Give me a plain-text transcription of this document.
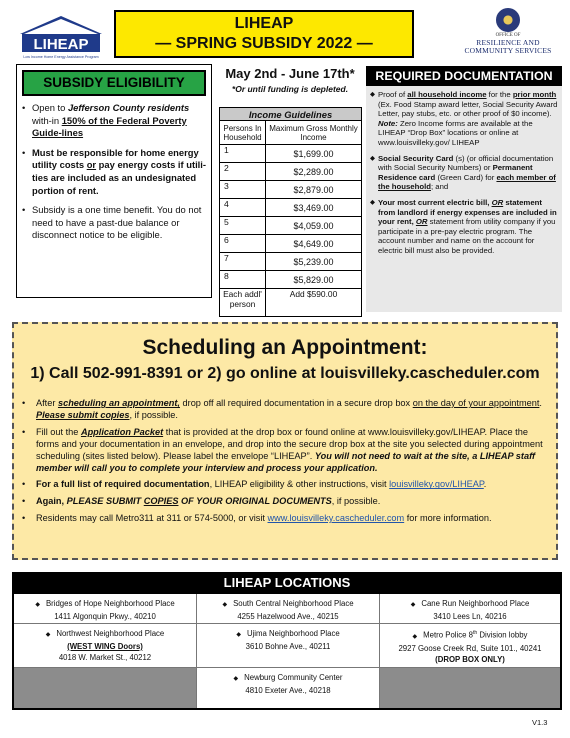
LIHEAP
Low Income Home Energy Assistance Program
LIHEAP
— SPRING SUBSIDY 2022 —	OFFICE OF
RESILIENCE AND
COMMUNITY SERVICES
SUBSIDY ELIGIBILITY
• Open to Jefferson County residents with-in 150% of the Federal Poverty Guide-lines
• Must be responsible for home energy utility costs or pay energy costs if utili-ties are included as an undesignated portion of rent.
• Subsidy is a one time benefit. You do not need to have a past-due balance or disconnect notice to be eligible.
May 2nd - June 17th*
*Or until funding is depleted.
Income Guidelines	
Persons In Household	Maximum Gross Monthly Income
1	$1,699.00
2	$2,289.00
3	$2,879.00
4	$3,469.00
5	$4,059.00
6	$4,649.00
7	$5,239.00
8	$5,829.00
Each addl' person	Add $590.00
REQUIRED DOCUMENTATION
◆ Proof of all household income for the prior month (Ex. Food Stamp award letter, Social Security Award Letter, pay stubs, etc. or other proof of $0 income). Note: Zero Income forms are available at the LIHEAP “Drop Box” locations or online at www.louisvilleky.gov/ LIHEAP
◆ Social Security Card (s) (or official documentation with Social Security Numbers) or Permanent Residence card (Green Card) for each member of the household; and
◆ Your most current electric bill, OR statement from landlord if energy expenses are included in your rent, OR statement from utility company if you participate in a pre-pay electric program. The account number and name on the account for electric bill must also be provided.
Scheduling an Appointment:
1) Call 502-991-8391 or 2) go online at louisvilleky.cascheduler.com
• After scheduling an appointment, drop off all required documentation in a secure drop box on the day of your appointment. Please submit copies, if possible.
• Fill out the Application Packet that is provided at the drop box or found online at www.louisvilleky.gov/LIHEAP. Place the forms and your documentation in an envelope, and drop into the secure drop box at the site you selected during appointment scheduling (sites listed below). Please label the envelope “LIHEAP”. You will not need to wait at the site, a LIHEAP staff member will call you to complete your interview and process your application.
• For a full list of required documentation, LIHEAP eligibility & other instructions, visit louisvilleky.gov/LIHEAP.
• Again, PLEASE SUBMIT COPIES OF YOUR ORIGINAL DOCUMENTS, if possible.
• Residents may call Metro311 at 311 or 574-5000, or visit www.louisvilleky.cascheduler.com for more information.
LIHEAP LOCATIONS
◆ Bridges of Hope Neighborhood Place
1411 Algonquin Pkwy., 40210
◆ South Central Neighborhood Place
4255 Hazelwood Ave., 40215
◆ Cane Run Neighborhood Place
3410 Lees Ln, 40216
◆ Northwest Neighborhood Place
(WEST WING Doors)
4018 W. Market St., 40212
◆ Ujima Neighborhood Place
3610 Bohne Ave., 40211
◆ Metro Police 8th Division lobby
2927 Goose Creek Rd, Suite 101., 40241
(DROP BOX ONLY)
◆ Newburg Community Center
4810 Exeter Ave., 40218
V1.3
